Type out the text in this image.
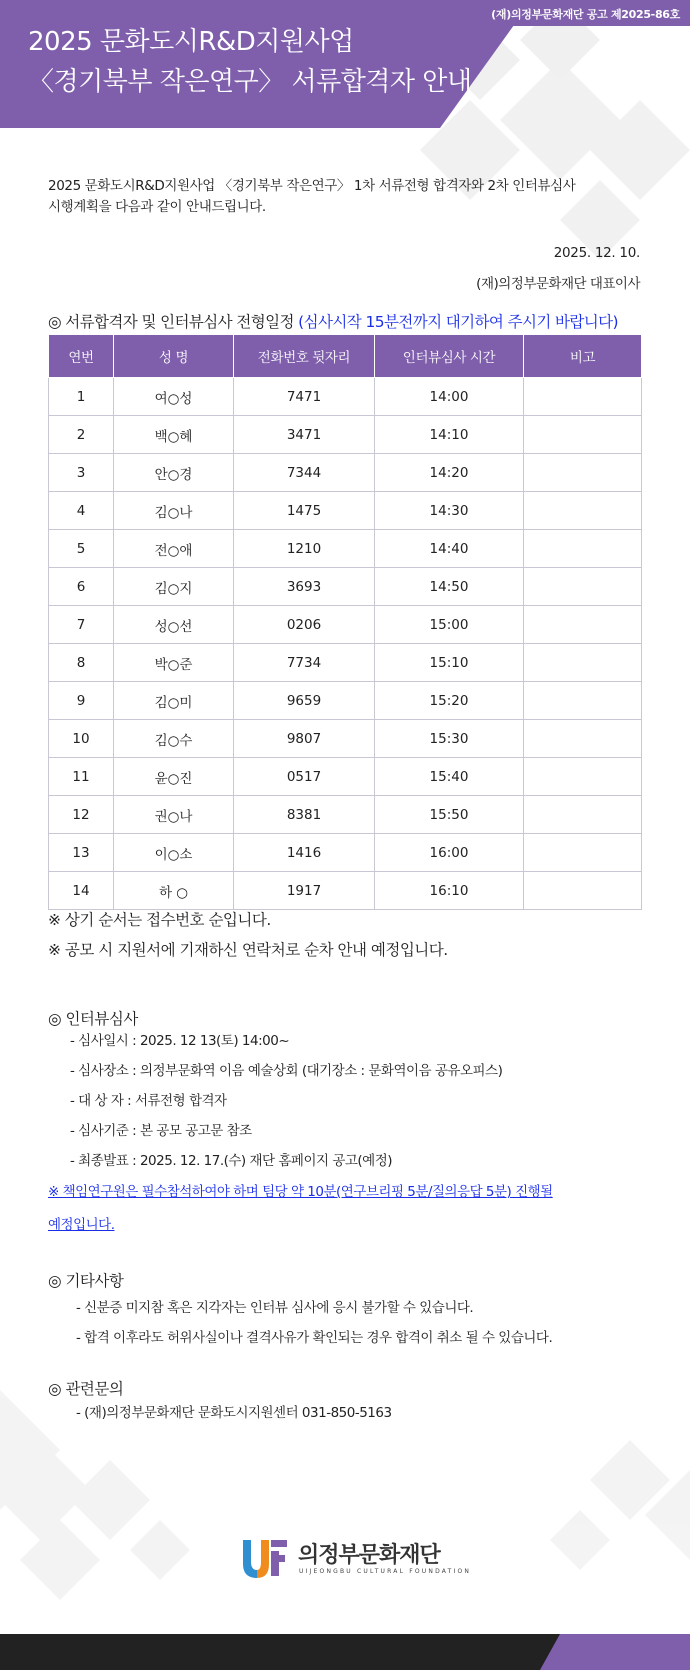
(재)의정부문화재단 공고 제2025-86호
2025 문화도시R&D지원사업
〈경기북부 작은연구〉 서류합격자 안내
2025 문화도시R&D지원사업 〈경기북부 작은연구〉 1차 서류전형 합격자와 2차 인터뷰심사
시행계획을 다음과 같이 안내드립니다.
2025. 12. 10.
(재)의정부문화재단 대표이사
◎ 서류합격자 및 인터뷰심사 전형일정 (심사시작 15분전까지 대기하여 주시기 바랍니다)
연번	성 명	전화번호 뒷자리	인터뷰심사 시간	비고
1	여○성	7471	14:00	
2	백○혜	3471	14:10	
3	안○경	7344	14:20	
4	김○나	1475	14:30	
5	전○애	1210	14:40	
6	김○지	3693	14:50	
7	성○선	0206	15:00	
8	박○준	7734	15:10	
9	김○미	9659	15:20	
10	김○수	9807	15:30	
11	윤○진	0517	15:40	
12	권○나	8381	15:50	
13	이○소	1416	16:00	
14	하 ○	1917	16:10	
※ 상기 순서는 접수번호 순입니다.
※ 공모 시 지원서에 기재하신 연락처로 순차 안내 예정입니다.
◎ 인터뷰심사
- 심사일시 : 2025. 12 13(토) 14:00~
- 심사장소 : 의정부문화역 이음 예술상회 (대기장소 : 문화역이음 공유오피스)
- 대 상 자 : 서류전형 합격자
- 심사기준 : 본 공모 공고문 참조
- 최종발표 : 2025. 12. 17.(수) 재단 홈페이지 공고(예정)
※ 책임연구원은 필수참석하여야 하며 팀당 약 10분(연구브리핑 5분/질의응답 5분) 진행될
예정입니다.
◎ 기타사항
- 신분증 미지참 혹은 지각자는 인터뷰 심사에 응시 불가할 수 있습니다.
- 합격 이후라도 허위사실이나 결격사유가 확인되는 경우 합격이 취소 될 수 있습니다.
◎ 관련문의
- (재)의정부문화재단 문화도시지원센터 031-850-5163
의정부문화재단
UIJEONGBU CULTURAL FOUNDATION
